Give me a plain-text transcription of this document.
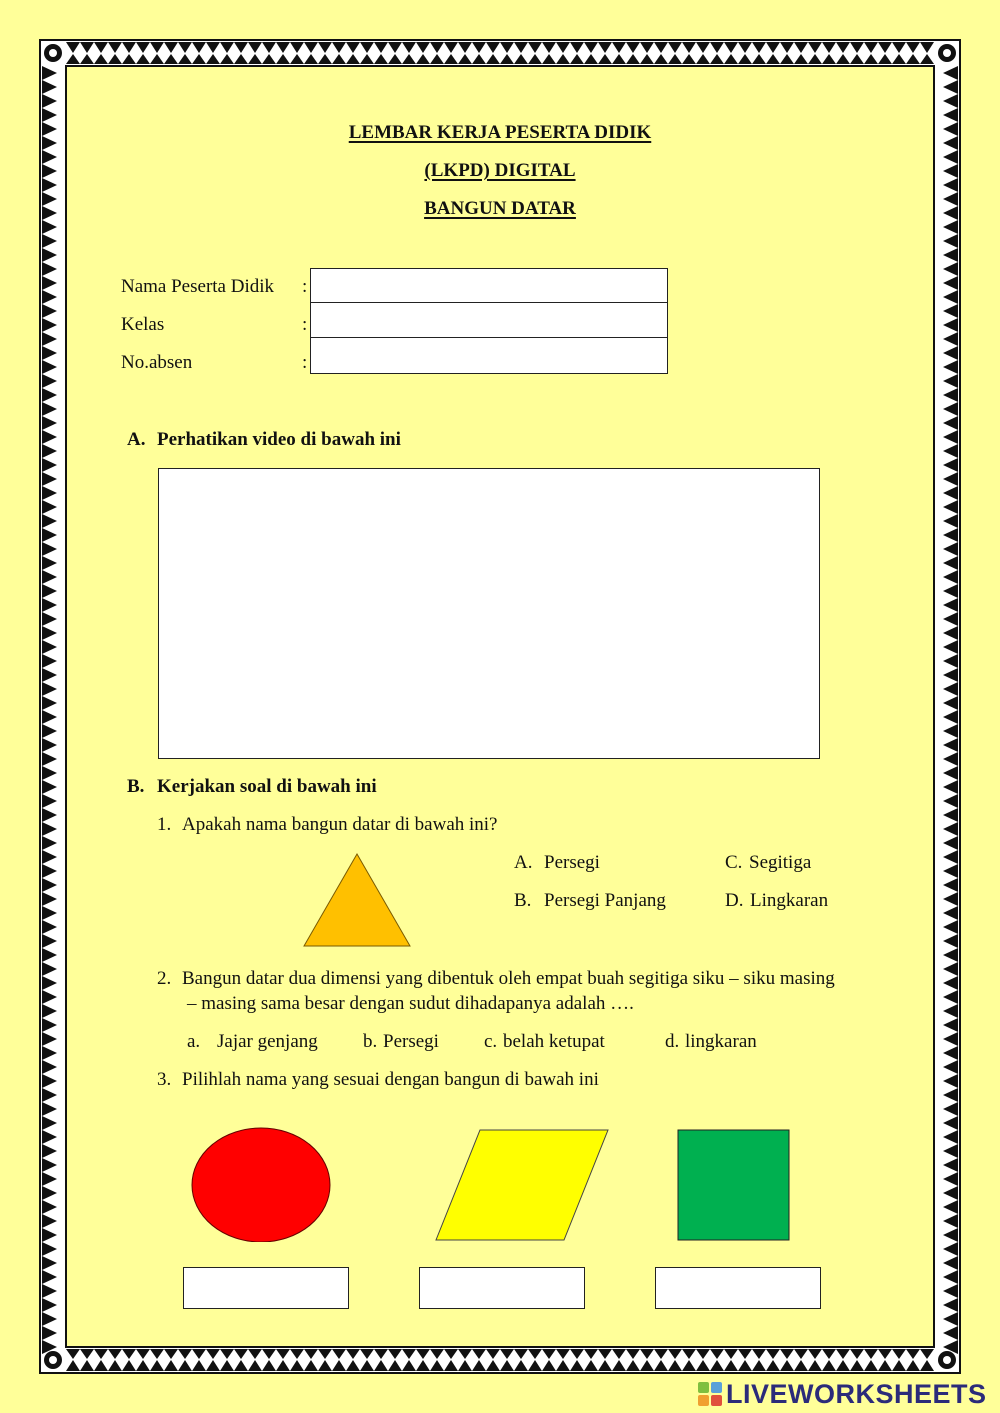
LEMBAR KERJA PESERTA DIDIK
(LKPD) DIGITAL
BANGUN DATAR
Nama Peserta Didik :
Kelas	:
No.absen	:
A. Perhatikan video di bawah ini
B. Kerjakan soal di bawah ini
1. Apakah nama bangun datar di bawah ini?
A. Persegi
B. Persegi Panjang
C. Segitiga
D. Lingkaran
2. Bangun datar dua dimensi yang dibentuk oleh empat buah segitiga siku – siku masing
– masing sama besar dengan sudut dihadapanya adalah ….
a. Jajar genjang b. Persegi c. belah ketupat	d. lingkaran
3. Pilihlah nama yang sesuai dengan bangun di bawah ini
LIVEWORKSHEETS
